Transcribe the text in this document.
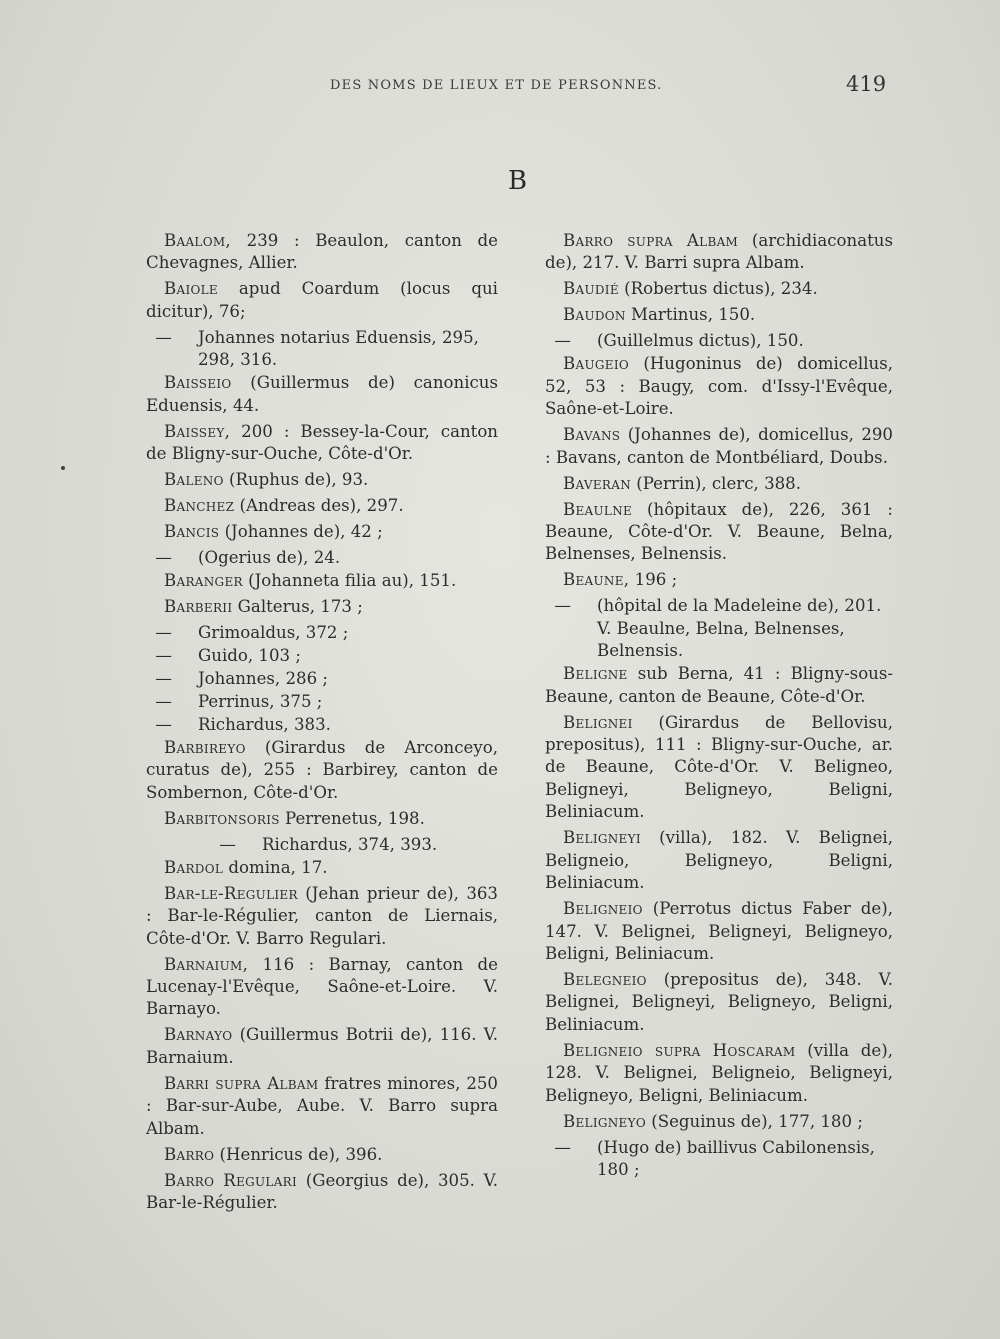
DES NOMS DE LIEUX ET DE PERSONNES.	419
B
Baalom, 239 : Beaulon, canton de Chevagnes, Allier.
Baiole apud Coardum (locus qui dicitur), 76;
—	Johannes notarius Eduensis, 295, 298, 316.
Baisseio (Guillermus de) canonicus Eduensis, 44.
Baissey, 200 : Bessey-la-Cour, canton de Bligny-sur-Ouche, Côte-d'Or.
Baleno (Ruphus de), 93.
Banchez (Andreas des), 297.
Bancis (Johannes de), 42 ;
—	(Ogerius de), 24.
Baranger (Johanneta filia au), 151.
Barberii Galterus, 173 ;
—	Grimoaldus, 372 ;
—	Guido, 103 ;
—	Johannes, 286 ;
—	Perrinus, 375 ;
—	Richardus, 383.
Barbireyo (Girardus de Arconceyo, curatus de), 255 : Barbirey, canton de Sombernon, Côte-d'Or.
Barbitonsoris Perrenetus, 198.
—	Richardus, 374, 393.
Bardol domina, 17.
Bar-le-Regulier (Jehan prieur de), 363 : Bar-le-Régulier, canton de Liernais, Côte-d'Or. V. Barro Regulari.
Barnaium, 116 : Barnay, canton de Lucenay-l'Evêque, Saône-et-Loire. V. Barnayo.
Barnayo (Guillermus Botrii de), 116. V. Barnaium.
Barri supra Albam fratres minores, 250 : Bar-sur-Aube, Aube. V. Barro supra Albam.
Barro (Henricus de), 396.
Barro Regulari (Georgius de), 305. V. Bar-le-Régulier.
Barro supra Albam (archidiaconatus de), 217. V. Barri supra Albam.
Baudié (Robertus dictus), 234.
Baudon Martinus, 150.
—	(Guillelmus dictus), 150.
Baugeio (Hugoninus de) domicellus, 52, 53 : Baugy, com. d'Issy-l'Evêque, Saône-et-Loire.
Bavans (Johannes de), domicellus, 290 : Bavans, canton de Montbéliard, Doubs.
Baveran (Perrin), clerc, 388.
Beaulne (hôpitaux de), 226, 361 : Beaune, Côte-d'Or. V. Beaune, Belna, Belnenses, Belnensis.
Beaune, 196 ;
—	(hôpital de la Madeleine de), 201. V. Beaulne, Belna, Belnenses, Belnensis.
Beligne sub Berna, 41 : Bligny-sous-Beaune, canton de Beaune, Côte-d'Or.
Belignei (Girardus de Bellovisu, prepositus), 111 : Bligny-sur-Ouche, ar. de Beaune, Côte-d'Or. V. Beligneo, Beligneyi, Beligneyo, Beligni, Beliniacum.
Beligneyi (villa), 182. V. Belignei, Beligneio, Beligneyo, Beligni, Beliniacum.
Beligneio (Perrotus dictus Faber de), 147. V. Belignei, Beligneyi, Beligneyo, Beligni, Beliniacum.
Belegneio (prepositus de), 348. V. Belignei, Beligneyi, Beligneyo, Beligni, Beliniacum.
Beligneio supra Hoscaram (villa de), 128. V. Belignei, Beligneio, Beligneyi, Beligneyo, Beligni, Beliniacum.
Beligneyo (Seguinus de), 177, 180 ;
—	(Hugo de) baillivus Cabilonensis, 180 ;
